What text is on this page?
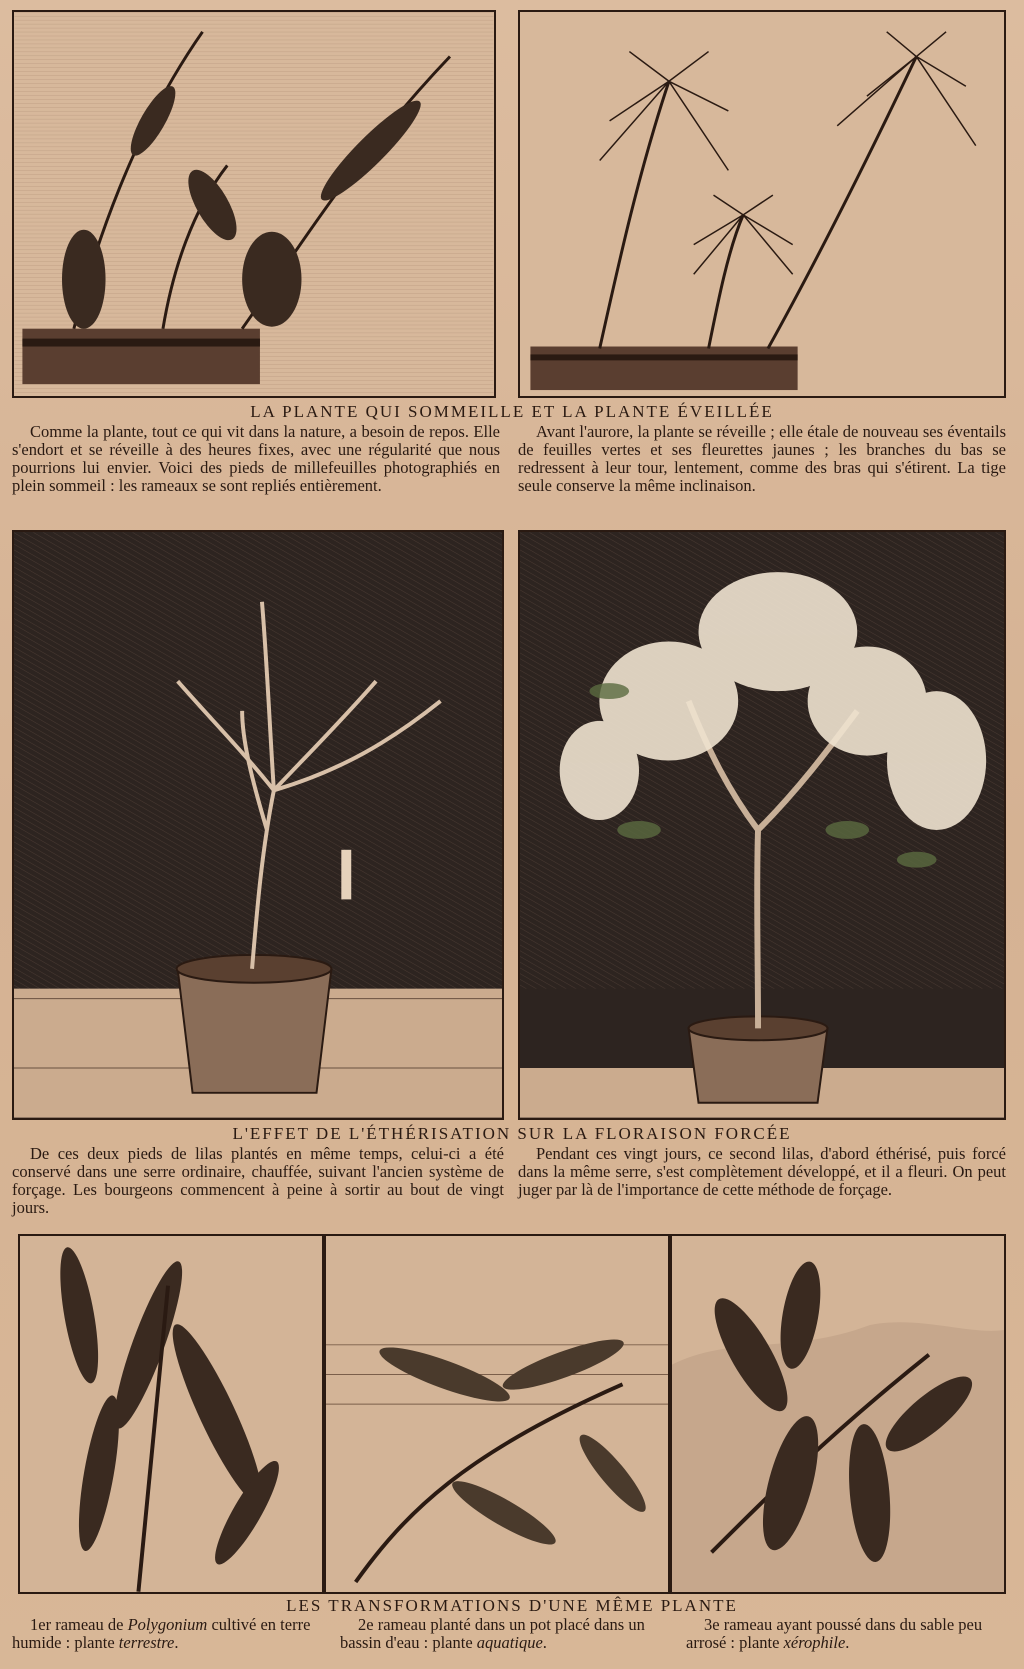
LA PLANTE QUI SOMMEILLE ET LA PLANTE ÉVEILLÉE

Comme la plante, tout ce qui vit dans la nature, a besoin de repos. Elle s'endort et se réveille à des heures fixes, avec une régularité que nous pourrions lui envier. Voici des pieds de millefeuilles photographiés en plein sommeil : les rameaux se sont repliés entièrement.

Avant l'aurore, la plante se réveille ; elle étale de nouveau ses éventails de feuilles vertes et ses fleurettes jaunes ; les branches du bas se redressent à leur tour, lentement, comme des bras qui s'étirent. La tige seule conserve la même inclinaison.

L'EFFET DE L'ÉTHÉRISATION SUR LA FLORAISON FORCÉE

De ces deux pieds de lilas plantés en même temps, celui-ci a été conservé dans une serre ordinaire, chauffée, suivant l'ancien système de forçage. Les bourgeons commencent à peine à sortir au bout de vingt jours.

Pendant ces vingt jours, ce second lilas, d'abord éthérisé, puis forcé dans la même serre, s'est complètement développé, et il a fleuri. On peut juger par là de l'importance de cette méthode de forçage.

LES TRANSFORMATIONS D'UNE MÊME PLANTE

1er rameau de Polygonium cultivé en terre humide : plante terrestre.

2e rameau planté dans un pot placé dans un bassin d'eau : plante aquatique.

3e rameau ayant poussé dans du sable peu arrosé : plante xérophile.
